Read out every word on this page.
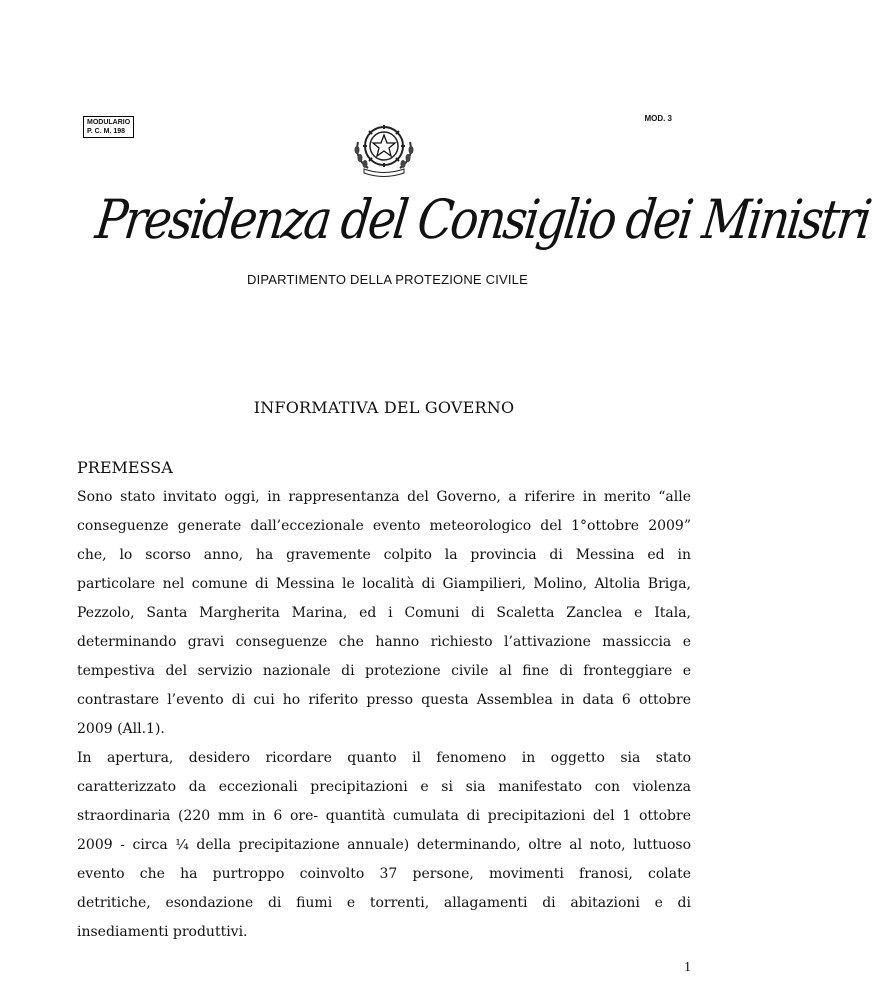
MODULARIO
P. C. M. 198
MOD. 3
Presidenza del Consiglio dei Ministri
DIPARTIMENTO DELLA PROTEZIONE CIVILE
INFORMATIVA DEL GOVERNO
PREMESSA
Sono stato invitato oggi, in rappresentanza del Governo, a riferire in merito “alle
conseguenze generate dall’eccezionale evento meteorologico del 1°ottobre 2009”
che, lo scorso anno, ha gravemente colpito la provincia di Messina ed in
particolare nel comune di Messina le località di Giampilieri, Molino, Altolia Briga,
Pezzolo, Santa Margherita Marina, ed i Comuni di Scaletta Zanclea e Itala,
determinando gravi conseguenze che hanno richiesto l’attivazione massiccia e
tempestiva del servizio nazionale di protezione civile al fine di fronteggiare e
contrastare l’evento di cui ho riferito presso questa Assemblea in data 6 ottobre
2009 (All.1).
In apertura, desidero ricordare quanto il fenomeno in oggetto sia stato
caratterizzato da eccezionali precipitazioni e si sia manifestato con violenza
straordinaria (220 mm in 6 ore- quantità cumulata di precipitazioni del 1 ottobre
2009 - circa ¼ della precipitazione annuale) determinando, oltre al noto, luttuoso
evento che ha purtroppo coinvolto 37 persone, movimenti franosi, colate
detritiche, esondazione di fiumi e torrenti, allagamenti di abitazioni e di
insediamenti produttivi.
1
